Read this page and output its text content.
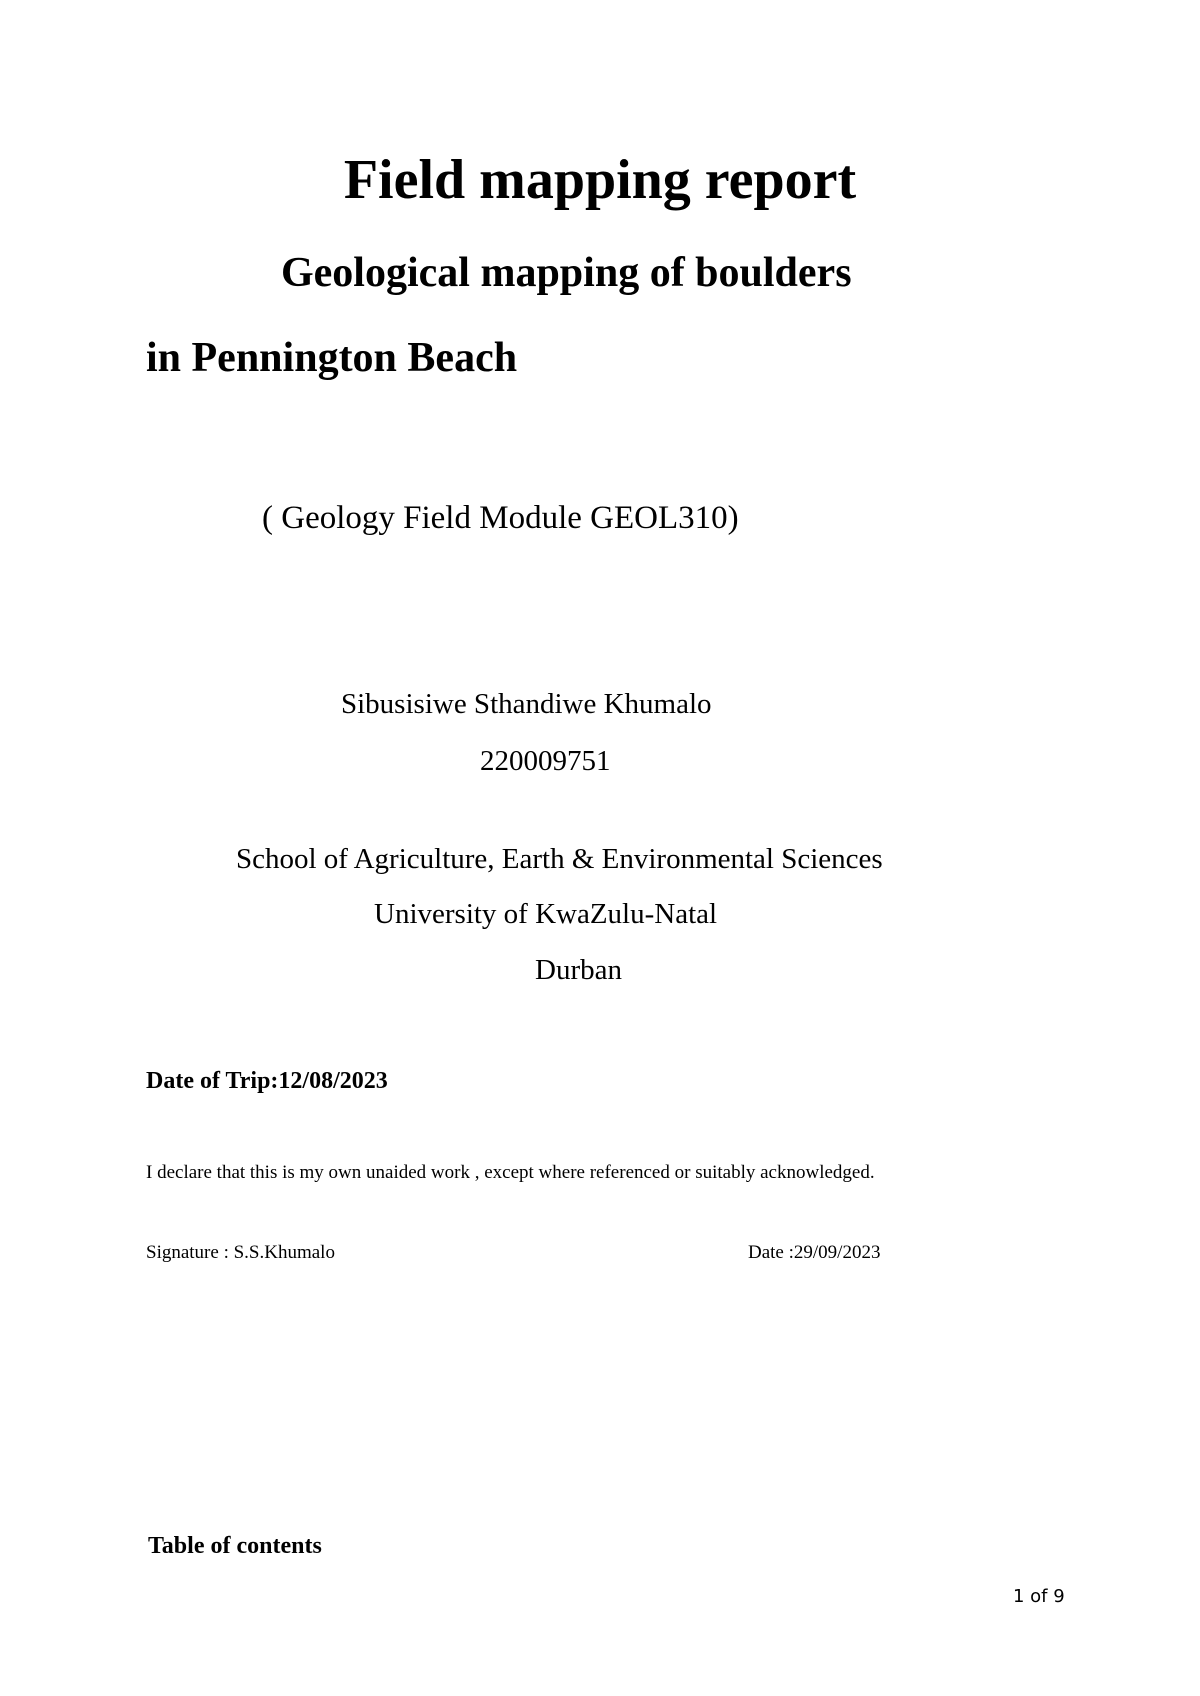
Field mapping report
Geological mapping of boulders
in Pennington Beach
( Geology Field Module GEOL310)
Sibusisiwe Sthandiwe Khumalo
220009751
School of Agriculture, Earth & Environmental Sciences
University of KwaZulu-Natal
Durban
Date of Trip:12/08/2023
I declare that this is my own unaided work , except where referenced or suitably acknowledged.
Signature : S.S.Khumalo	Date :29/09/2023
Table of contents
1 of 9
